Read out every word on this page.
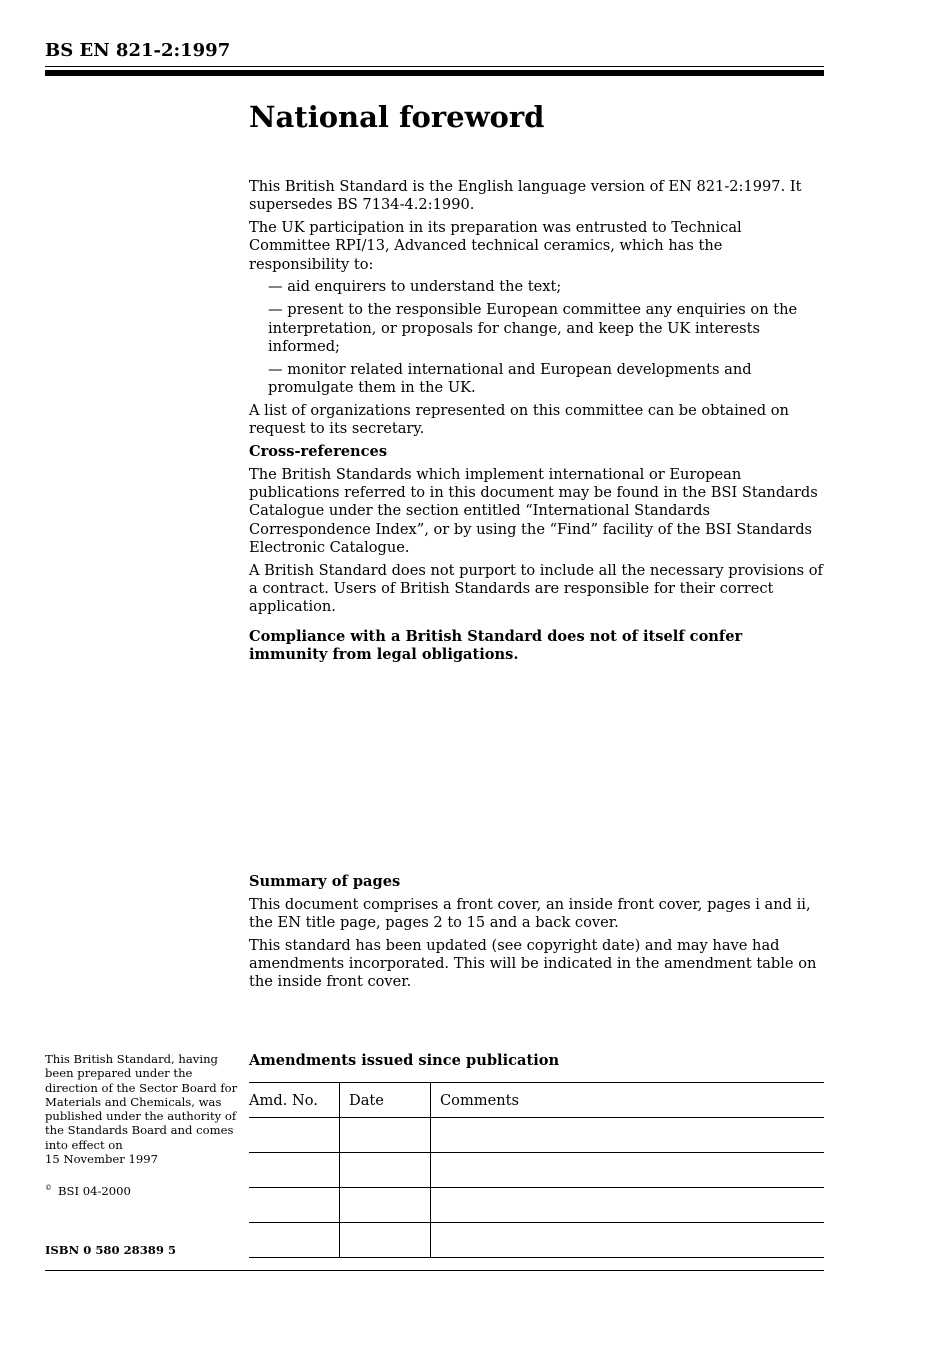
BS EN 821-2:1997
National foreword

This British Standard is the English language version of EN 821-2:1997. It supersedes BS 7134-4.2:1990.

The UK participation in its preparation was entrusted to Technical Committee RPI/13, Advanced technical ceramics, which has the responsibility to:

— aid enquirers to understand the text;

— present to the responsible European committee any enquiries on the interpretation, or proposals for change, and keep the UK interests informed;

— monitor related international and European developments and promulgate them in the UK.

A list of organizations represented on this committee can be obtained on request to its secretary.

Cross-references

The British Standards which implement international or European publications referred to in this document may be found in the BSI Standards Catalogue under the section entitled “International Standards Correspondence Index”, or by using the “Find” facility of the BSI Standards Electronic Catalogue.

A British Standard does not purport to include all the necessary provisions of a contract. Users of British Standards are responsible for their correct application.

Compliance with a British Standard does not of itself confer immunity from legal obligations.

Summary of pages

This document comprises a front cover, an inside front cover, pages i and ii, the EN title page, pages 2 to 15 and a back cover.

This standard has been updated (see copyright date) and may have had amendments incorporated. This will be indicated in the amendment table on the inside front cover.

This British Standard, having been prepared under the direction of the Sector Board for Materials and Chemicals, was published under the authority of the Standards Board and comes into effect on
15 November 1997
© BSI 04-2000
ISBN 0 580 28389 5
Amendments issued since publication
Amd. No.	Date	Comments
